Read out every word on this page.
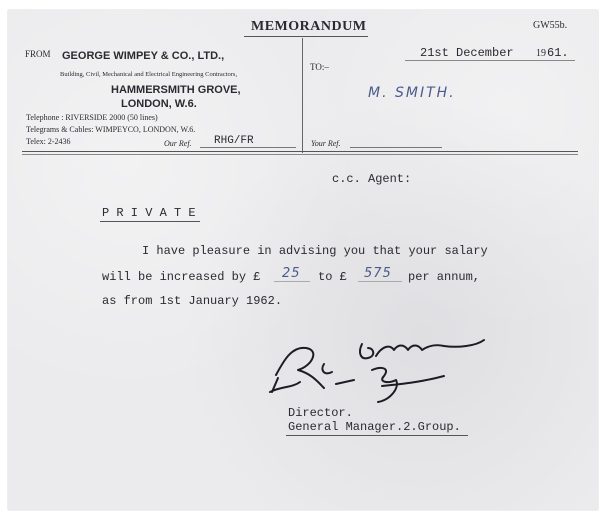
MEMORANDUM	GW55b.
FROM GEORGE WIMPEY & CO., LTD.,
Building, Civil, Mechanical and Electrical Engineering Contractors,
HAMMERSMITH GROVE,
LONDON, W.6.
Telephone : RIVERSIDE 2000 (50 lines)
Telegrams & Cables: WIMPEYCO, LONDON, W.6.
Telex: 2-2436	Our Ref. RHG/FR
TO:–
M. SMITH.
21st December 19 61.
Your Ref.
c.c. Agent:
P R I V A T E
I have pleasure in advising you that your salary
will be increased by £ 25 to £ 575 per annum,
as from 1st January 1962.
Director.
General Manager.2.Group.
